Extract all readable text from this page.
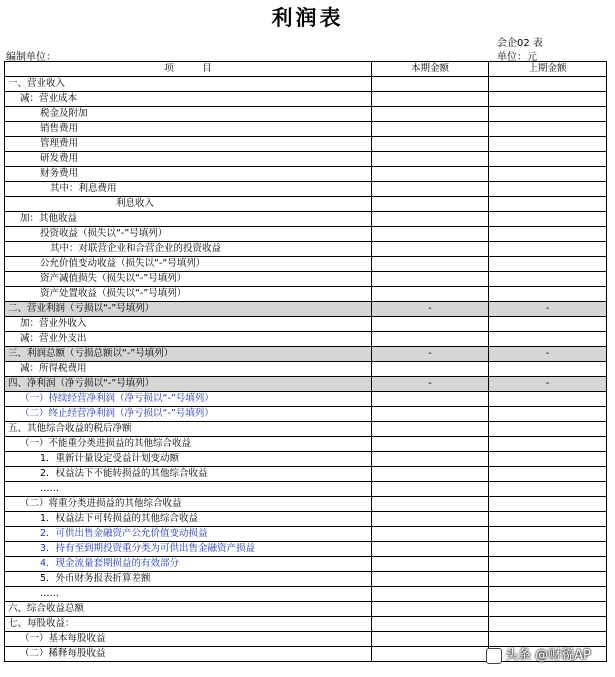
利润表
会企02 表
编制单位：	单位：元
项　　　目	本期金额	上期金额
一、营业收入		
减：营业成本		
税金及附加		
销售费用		
管理费用		
研发费用		
财务费用		
其中：利息费用		
利息收入		
加：其他收益		
投资收益（损失以“-”号填列）		
其中：对联营企业和合营企业的投资收益		
公允价值变动收益（损失以“-”号填列）		
资产减值损失（损失以“-”号填列）		
资产处置收益（损失以“-”号填列）		
二、营业利润（亏损以“-”号填列）	-	-
加：营业外收入		
减：营业外支出		
三、利润总额（亏损总额以“-”号填列）	-	-
减：所得税费用		
四、净利润（净亏损以“-”号填列）	-	-
（一）持续经营净利润（净亏损以“-”号填列）		
（二）终止经营净利润（净亏损以“-”号填列）		
五、其他综合收益的税后净额		
（一）不能重分类进损益的其他综合收益		
1．重新计量设定受益计划变动额		
2．权益法下不能转损益的其他综合收益		
……		
（二）将重分类进损益的其他综合收益		
1．权益法下可转损益的其他综合收益		
2．可供出售金融资产公允价值变动损益		
3．持有至到期投资重分类为可供出售金融资产损益		
4．现金流量套期损益的有效部分		
5．外币财务报表折算差额		
……		
六、综合收益总额		
七、每股收益：		
（一）基本每股收益		
（二）稀释每股收益			头条 @财税AP
